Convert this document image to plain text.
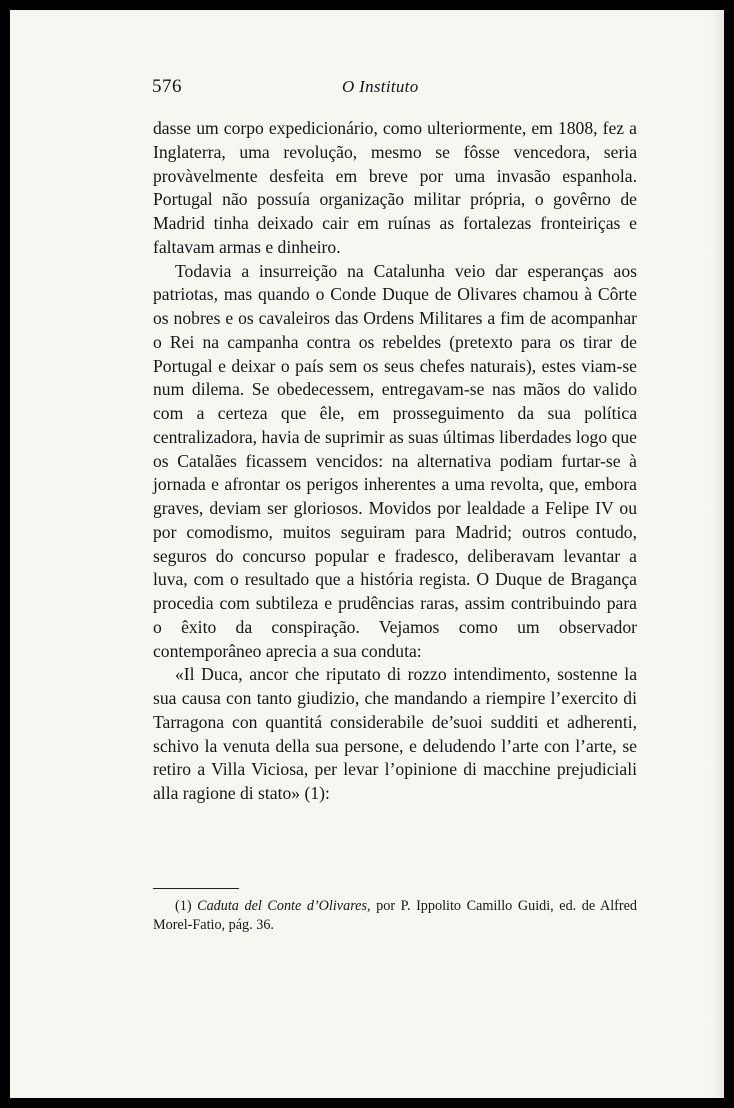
576	O Instituto

dasse um corpo expedicionário, como ulteriormente, em 1808, fez a Inglaterra, uma revolução, mesmo se fôsse vencedora, seria provàvelmente desfeita em breve por uma invasão espanhola. Portugal não possuía organização militar própria, o govêrno de Madrid tinha deixado cair em ruínas as fortalezas fronteiriças e faltavam armas e dinheiro.

Todavia a insurreição na Catalunha veio dar esperanças aos patriotas, mas quando o Conde Duque de Olivares chamou à Côrte os nobres e os cavaleiros das Ordens Militares a fim de acompanhar o Rei na campanha contra os rebeldes (pretexto para os tirar de Portugal e deixar o país sem os seus chefes naturais), estes viam-se num dilema. Se obedecessem, entregavam-se nas mãos do valido com a certeza que êle, em prosseguimento da sua política centralizadora, havia de suprimir as suas últimas liberdades logo que os Catalães ficassem vencidos: na alternativa podiam furtar-se à jornada e afrontar os perigos inherentes a uma revolta, que, embora graves, deviam ser gloriosos. Movidos por lealdade a Felipe IV ou por comodismo, muitos seguiram para Madrid; outros contudo, seguros do concurso popular e fradesco, deliberavam levantar a luva, com o resultado que a história regista. O Duque de Bragança procedia com subtileza e prudências raras, assim contribuindo para o êxito da conspiração. Vejamos como um observador contemporâneo aprecia a sua conduta:

«Il Duca, ancor che riputato di rozzo intendimento, sostenne la sua causa con tanto giudizio, che mandando a riempire l’exercito di Tarragona con quantitá considerabile de’suoi sudditi et adherenti, schivo la venuta della sua persone, e deludendo l’arte con l’arte, se retiro a Villa Viciosa, per levar l’opinione di macchine prejudiciali alla ragione di stato» (1):

(1) Caduta del Conte d’Olivares, por P. Ippolito Camillo Guidi, ed. de Alfred Morel-Fatio, pág. 36.
